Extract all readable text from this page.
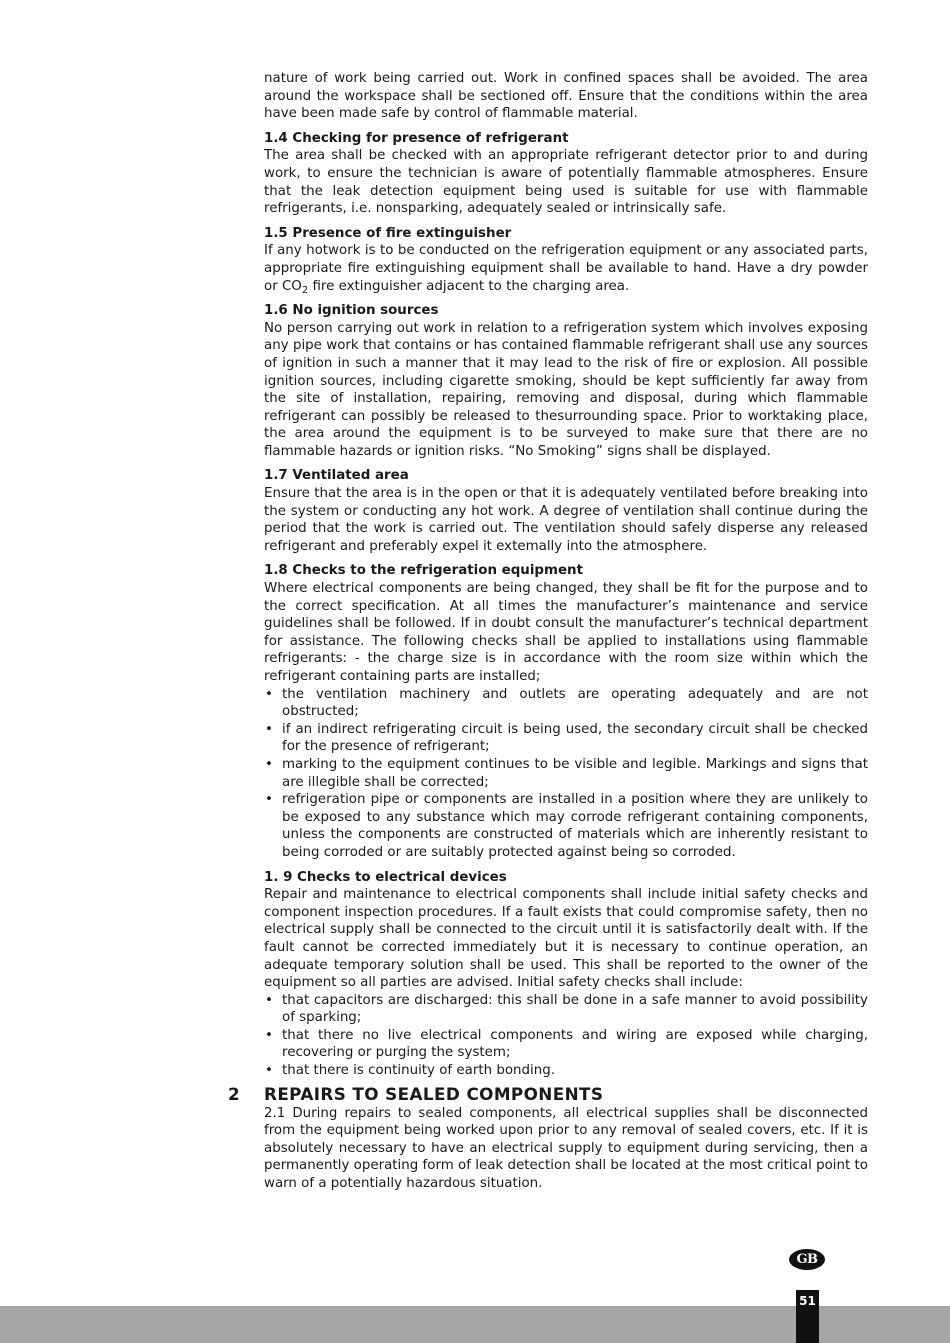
nature of work being carried out. Work in confined spaces shall be avoided. The area around the workspace shall be sectioned off. Ensure that the conditions within the area have been made safe by control of flammable material.

1.4 Checking for presence of refrigerant

The area shall be checked with an appropriate refrigerant detector prior to and during work, to ensure the technician is aware of potentially flammable atmospheres. Ensure that the leak detection equipment being used is suitable for use with flammable refrigerants, i.e. nonsparking, adequately sealed or intrinsically safe.

1.5 Presence of fire extinguisher

If any hotwork is to be conducted on the refrigeration equipment or any associated parts, appropriate fire extinguishing equipment shall be available to hand. Have a dry powder or $CO_2$ fire extinguisher adjacent to the charging area.

1.6 No ignition sources

No person carrying out work in relation to a refrigeration system which involves exposing any pipe work that contains or has contained flammable refrigerant shall use any sources of ignition in such a manner that it may lead to the risk of fire or explosion. All possible ignition sources, including cigarette smoking, should be kept sufficiently far away from the site of installation, repairing, removing and disposal, during which flammable refrigerant can possibly be released to thesurrounding space. Prior to worktaking place, the area around the equipment is to be surveyed to make sure that there are no flammable hazards or ignition risks. “No Smoking” signs shall be displayed.

1.7 Ventilated area

Ensure that the area is in the open or that it is adequately ventilated before breaking into the system or conducting any hot work. A degree of ventilation shall continue during the period that the work is carried out. The ventilation should safely disperse any released refrigerant and preferably expel it extemally into the atmosphere.

1.8 Checks to the refrigeration equipment

Where electrical components are being changed, they shall be fit for the purpose and to the correct specification. At all times the manufacturer’s maintenance and service guidelines shall be followed. If in doubt consult the manufacturer’s technical department for assistance. The following checks shall be applied to installations using flammable refrigerants: - the charge size is in accordance with the room size within which the refrigerant containing parts are installed;

• the ventilation machinery and outlets are operating adequately and are not obstructed;
• if an indirect refrigerating circuit is being used, the secondary circuit shall be checked for the presence of refrigerant;
• marking to the equipment continues to be visible and legible. Markings and signs that are illegible shall be corrected;
• refrigeration pipe or components are installed in a position where they are unlikely to be exposed to any substance which may corrode refrigerant containing components, unless the components are constructed of materials which are inherently resistant to being corroded or are suitably protected against being so corroded.

1. 9 Checks to electrical devices

Repair and maintenance to electrical components shall include initial safety checks and component inspection procedures. If a fault exists that could compromise safety, then no electrical supply shall be connected to the circuit until it is satisfactorily dealt with. If the fault cannot be corrected immediately but it is necessary to continue operation, an adequate temporary solution shall be used. This shall be reported to the owner of the equipment so all parties are advised. Initial safety checks shall include:

• that capacitors are discharged: this shall be done in a safe manner to avoid possibility of sparking;
• that there no live electrical components and wiring are exposed while charging, recovering or purging the system;
• that there is continuity of earth bonding.
2 REPAIRS TO SEALED COMPONENTS

2.1 During repairs to sealed components, all electrical supplies shall be disconnected from the equipment being worked upon prior to any removal of sealed covers, etc. If it is absolutely necessary to have an electrical supply to equipment during servicing, then a permanently operating form of leak detection shall be located at the most critical point to warn of a potentially hazardous situation.

GB
51
